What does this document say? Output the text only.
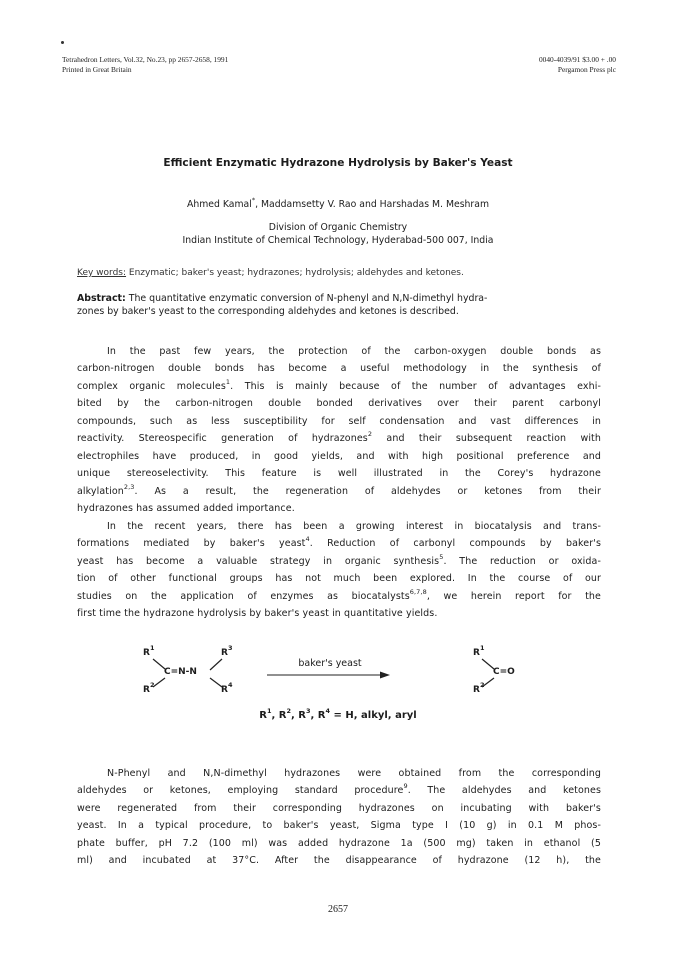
Tetrahedron Letters, Vol.32, No.23, pp 2657-2658, 1991
Printed in Great Britain
0040-4039/91 $3.00 + .00
Pergamon Press plc
Efficient Enzymatic Hydrazone Hydrolysis by Baker's Yeast
Ahmed Kamal*, Maddamsetty V. Rao and Harshadas M. Meshram
Division of Organic Chemistry
Indian Institute of Chemical Technology, Hyderabad-500 007, India
Key words: Enzymatic; baker's yeast; hydrazones; hydrolysis; aldehydes and ketones.
Abstract: The quantitative enzymatic conversion of N-phenyl and N,N-dimethyl hydra-
zones by baker's yeast to the corresponding aldehydes and ketones is described.
In the past few years, the protection of the carbon-oxygen double bonds as
carbon-nitrogen double bonds has become a useful methodology in the synthesis of
complex organic molecules$^1$. This is mainly because of the number of advantages exhi-
bited by the carbon-nitrogen double bonded derivatives over their parent carbonyl
compounds, such as less susceptibility for self condensation and vast differences in
reactivity. Stereospecific generation of hydrazones$^2$ and their subsequent reaction with
electrophiles have produced, in good yields, and with high positional preference and
unique stereoselectivity. This feature is well illustrated in the Corey's hydrazone
alkylation$^{2,3}$. As a result, the regeneration of aldehydes or ketones from their
hydrazones has assumed added importance.
In the recent years, there has been a growing interest in biocatalysis and trans-
formations mediated by baker's yeast$^4$. Reduction of carbonyl compounds by baker's
yeast has become a valuable strategy in organic synthesis$^5$. The reduction or oxida-
tion of other functional groups has not much been explored. In the course of our
studies on the application of enzymes as biocatalysts$^{6,7,8}$, we herein report for the
first time the hydrazone hydrolysis by baker's yeast in quantitative yields.
$R^1$
$R^2$
C=N-N
$R^3$
$R^4$
baker's yeast
$R^1$
$R^2$
C=O
$R^1$, $R^2$, $R^3$, $R^4 = H$, alkyl, aryl
N-Phenyl and N,N-dimethyl hydrazones were obtained from the corresponding
aldehydes or ketones, employing standard procedure$^9$. The aldehydes and ketones
were regenerated from their corresponding hydrazones on incubating with baker's
yeast. In a typical procedure, to baker's yeast, Sigma type I (10 g) in 0.1 M phos-
phate buffer, pH 7.2 (100 ml) was added hydrazone 1a (500 mg) taken in ethanol (5
ml) and incubated at 37°C. After the disappearance of hydrazone (12 h), the
2657
